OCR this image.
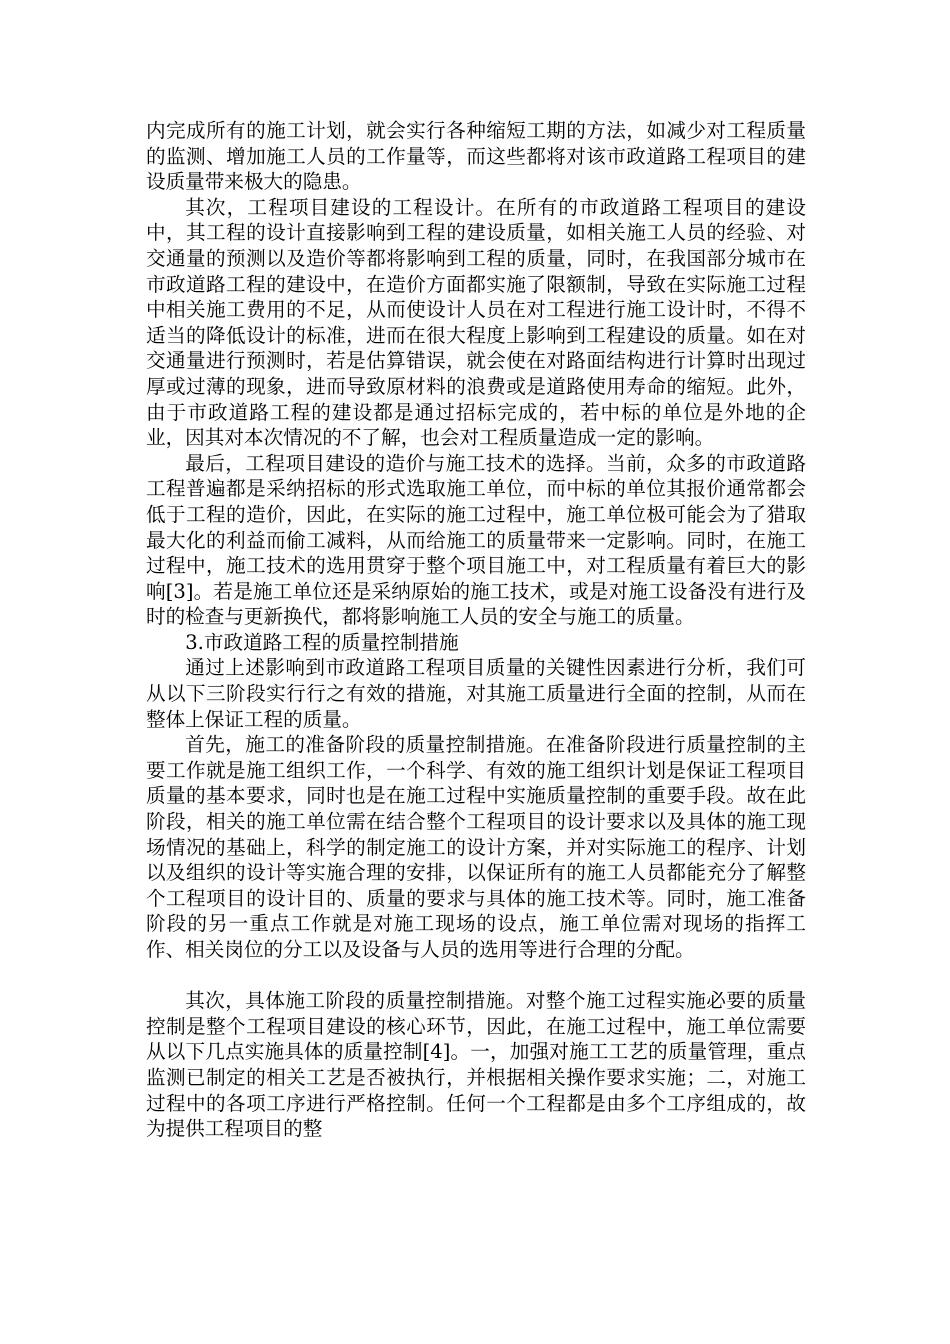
内完成所有的施工计划，就会实行各种缩短工期的方法，如减少对工程质量的监测、增加施工人员的工作量等，而这些都将对该市政道路工程项目的建设质量带来极大的隐患。

其次，工程项目建设的工程设计。在所有的市政道路工程项目的建设中，其工程的设计直接影响到工程的建设质量，如相关施工人员的经验、对交通量的预测以及造价等都将影响到工程的质量，同时，在我国部分城市在市政道路工程的建设中，在造价方面都实施了限额制，导致在实际施工过程中相关施工费用的不足，从而使设计人员在对工程进行施工设计时，不得不适当的降低设计的标准，进而在很大程度上影响到工程建设的质量。如在对交通量进行预测时，若是估算错误，就会使在对路面结构进行计算时出现过厚或过薄的现象，进而导致原材料的浪费或是道路使用寿命的缩短。此外，由于市政道路工程的建设都是通过招标完成的，若中标的单位是外地的企业，因其对本次情况的不了解，也会对工程质量造成一定的影响。

最后，工程项目建设的造价与施工技术的选择。当前，众多的市政道路工程普遍都是采纳招标的形式选取施工单位，而中标的单位其报价通常都会低于工程的造价，因此，在实际的施工过程中，施工单位极可能会为了猎取最大化的利益而偷工减料，从而给施工的质量带来一定影响。同时，在施工过程中，施工技术的选用贯穿于整个项目施工中，对工程质量有着巨大的影响[3]。若是施工单位还是采纳原始的施工技术，或是对施工设备没有进行及时的检查与更新换代，都将影响施工人员的安全与施工的质量。

3.市政道路工程的质量控制措施

通过上述影响到市政道路工程项目质量的关键性因素进行分析，我们可从以下三阶段实行行之有效的措施，对其施工质量进行全面的控制，从而在整体上保证工程的质量。

首先，施工的准备阶段的质量控制措施。在准备阶段进行质量控制的主要工作就是施工组织工作，一个科学、有效的施工组织计划是保证工程项目质量的基本要求，同时也是在施工过程中实施质量控制的重要手段。故在此阶段，相关的施工单位需在结合整个工程项目的设计要求以及具体的施工现场情况的基础上，科学的制定施工的设计方案，并对实际施工的程序、计划以及组织的设计等实施合理的安排，以保证所有的施工人员都能充分了解整个工程项目的设计目的、质量的要求与具体的施工技术等。同时，施工准备阶段的另一重点工作就是对施工现场的设点，施工单位需对现场的指挥工作、相关岗位的分工以及设备与人员的选用等进行合理的分配。

其次，具体施工阶段的质量控制措施。对整个施工过程实施必要的质量控制是整个工程项目建设的核心环节，因此，在施工过程中，施工单位需要从以下几点实施具体的质量控制[4]。一，加强对施工工艺的质量管理，重点监测已制定的相关工艺是否被执行，并根据相关操作要求实施；二，对施工过程中的各项工序进行严格控制。任何一个工程都是由多个工序组成的，故为提供工程项目的整
